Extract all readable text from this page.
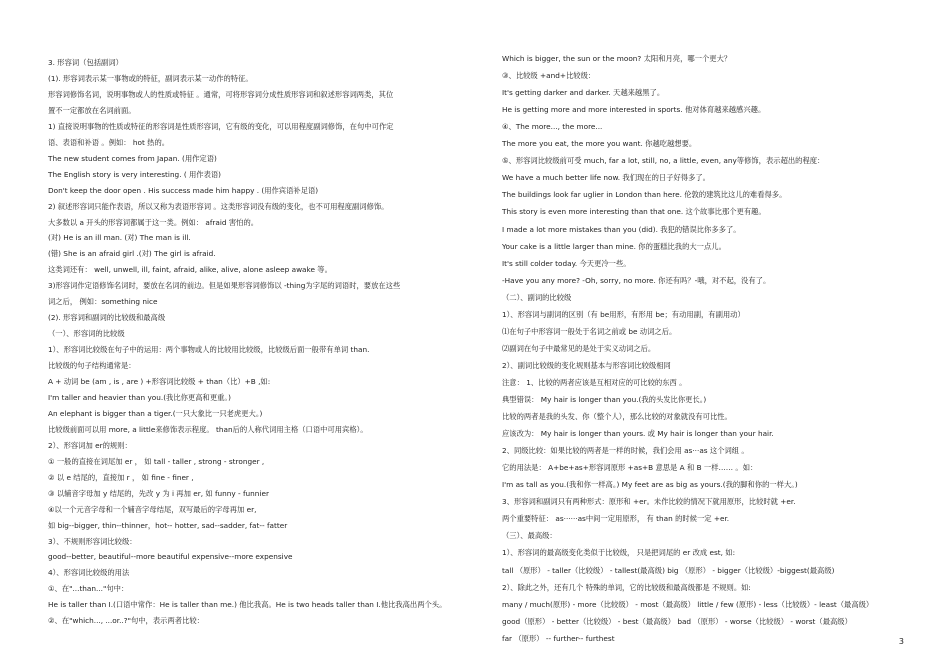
3. 形容词（包括副词）
(1). 形容词表示某一事物或的特征，副词表示某一动作的特征。
形容词修饰名词，说明事物或人的性质或特征 。通常，可将形容词分成性质形容词和叙述形容词两类，其位
置不一定都放在名词前面。
1) 直接说明事物的性质或特征的形容词是性质形容词，它有级的变化，可以用程度副词修饰，在句中可作定
语、表语和补语 。例如： hot 热的。
The new student comes from Japan. (用作定语)
The English story is very interesting. ( 用作表语)
Don't keep the door open . His success made him happy . (用作宾语补足语)
2) 叙述形容词只能作表语，所以又称为表语形容词 。这类形容词没有级的变化，也不可用程度副词修饰。
大多数以 a 开头的形容词都属于这一类。例如： afraid 害怕的。
(对) He is an ill man. (对) The man is ill.
(错) She is an afraid girl .(对) The girl is afraid.
这类词还有： well, unwell, ill, faint, afraid, alike, alive, alone asleep awake 等。
3)形容词作定语修饰名词时，要放在名词的前边。但是如果形容词修饰以 -thing为字尾的词语时，要放在这些
词之后， 例如：something nice
(2). 形容词和副词的比较级和最高级
（一）、形容词的比较级
1）、形容词比较级在句子中的运用：两个事物或人的比较用比较级，比较级后面一般带有单词 than.
比较级的句子结构通常是：
A + 动词 be (am , is , are ) +形容词比较级 + than（比）+B ,如:
I'm taller and heavier than you.(我比你更高和更重。)
An elephant is bigger than a tiger.(一只大象比一只老虎更大。)
比较级前面可以用 more, a little来修饰表示程度。 than后的人称代词用主格（口语中可用宾格）。
2）、形容词加 er的规则：
① 一般的直接在词尾加 er ， 如 tall - taller , strong - stronger ,
② 以 e 结尾的，直接加 r ， 如 fine - finer ,
③ 以辅音字母加 y 结尾的，先改 y 为 i 再加 er, 如 funny - funnier
④以一个元音字母和一个辅音字母结尾，双写最后的字母再加 er,
如 big--bigger, thin--thinner，hot-- hotter, sad--sadder, fat-- fatter
3）、不规则形容词比较级：
good--better, beautiful--more beautiful expensive--more expensive
4）、形容词比较级的用法
①、在"...than..."句中：
He is taller than I.(口语中常作：He is taller than me.) 他比我高。He is two heads taller than I.他比我高出两个头。
②、在"which..., ...or..?"句中，表示两者比较：
Which is bigger, the sun or the moon? 太阳和月亮，哪一个更大？
③、比较级 +and+比较级：
It's getting darker and darker. 天越来越黑了。
He is getting more and more interested in sports. 他对体育越来越感兴趣。
④、The more..., the more...
The more you eat, the more you want. 你越吃越想要。
⑤、形容词比较级前可受 much, far a lot, still, no, a little, even, any等修饰，表示超出的程度：
We have a much better life now. 我们现在的日子好得多了。
The buildings look far uglier in London than here. 伦敦的建筑比这儿的难看得多。
This story is even more interesting than that one. 这个故事比那个更有趣。
I made a lot more mistakes than you (did). 我犯的错误比你多多了。
Your cake is a little larger than mine. 你的蛋糕比我的大一点儿。
It's still colder today. 今天更冷一些。
-Have you any more? -Oh, sorry, no more. 你还有吗？-哦，对不起，没有了。
（二）、副词的比较级
1）、形容词与副词的区别（有 be用形，有形用 be；有动用副，有副用动）
⑴在句子中形容词一般处于名词之前或 be 动词之后。
⑵副词在句子中最常见的是处于实义动词之后。
2）、副词比较级的变化规则基本与形容词比较级相同
注意： 1、比较的两者应该是互相对应的可比较的东西 。
典型错误： My hair is longer than you.(我的头发比你更长。)
比较的两者是我的头发、你（整个人），那么比较的对象就没有可比性。
应该改为： My hair is longer than yours. 或 My hair is longer than your hair.
2、同级比较：如果比较的两者是一样的时候，我们会用 as···as 这个词组 。
它的用法是： A+be+as+形容词原形 +as+B 意思是 A 和 B 一样…… 。如：
I'm as tall as you.(我和你一样高。) My feet are as big as yours.(我的脚和你的一样大。)
3、形容词和副词只有两种形式：原形和 +er。未作比较的情况下就用原形，比较时就 +er.
两个重要特征： as······as中间一定用原形， 有 than 的时候一定 +er.
（三）、最高级：
1）、形容词的最高级变化类似于比较级， 只是把词尾的 er 改成 est, 如:
tall （原形） - taller（比较级） - tallest(最高级) big （原形） - bigger（比较级）-biggest(最高级)
2）、除此之外，还有几个 特殊的单词，它的比较级和最高级都是 不规则。如:
many / much(原形) - more（比较级） - most（最高级） little / few (原形) - less（比较级）- least（最高级）
good（原形） - better（比较级） - best（最高级） bad （原形） - worse（比较级） - worst（最高级）
far （原形） -- further-- furthest	3
